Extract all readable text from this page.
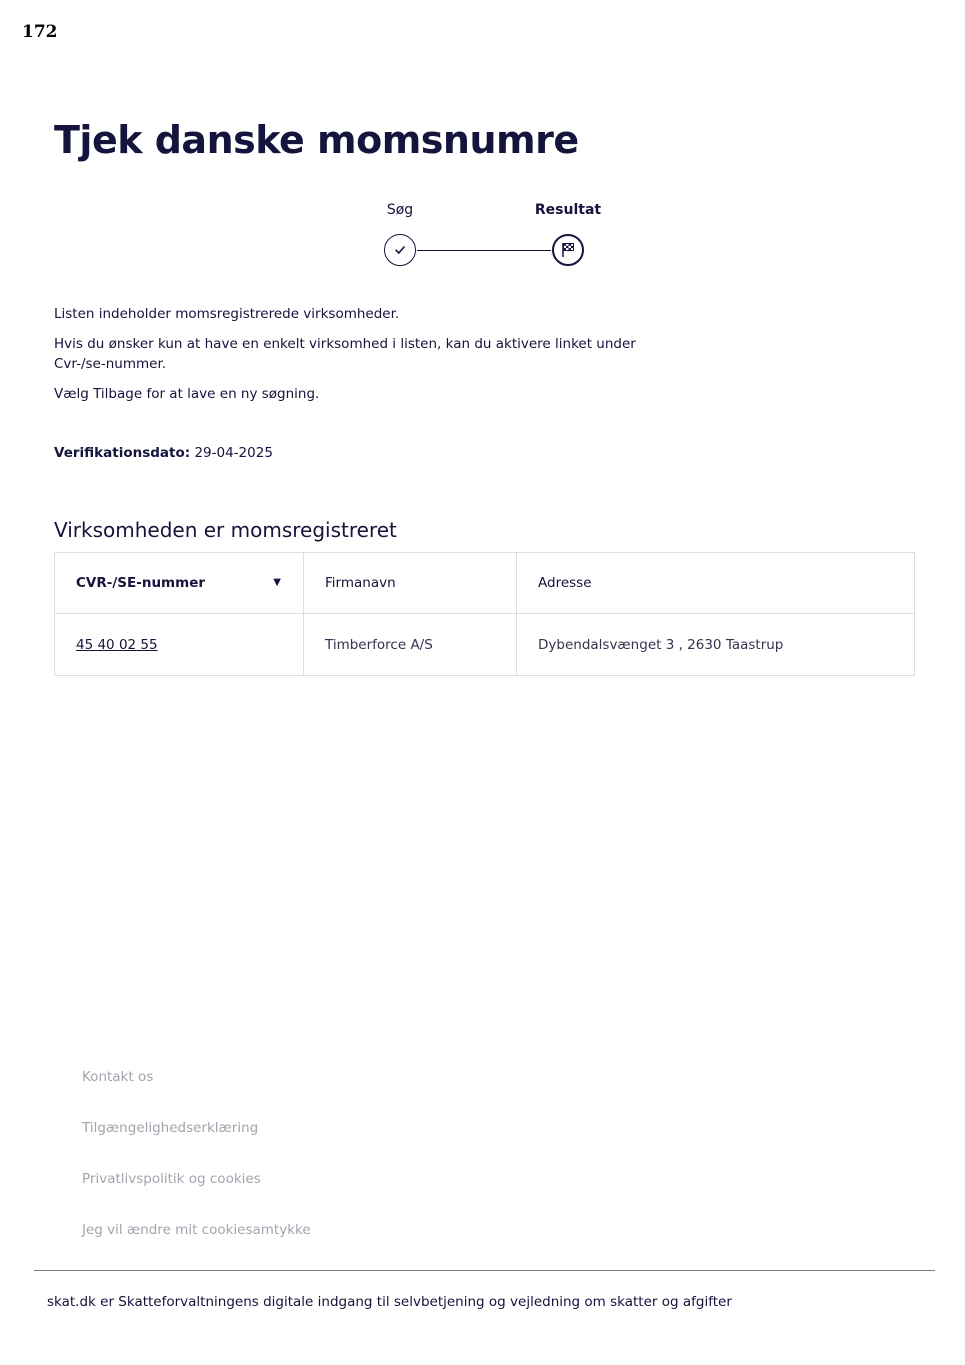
172
Tjek danske momsnumre
Søg	Resultat

Listen indeholder momsregistrerede virksomheder.

Hvis du ønsker kun at have en enkelt virksomhed i listen, kan du aktivere linket under Cvr-/se-nummer.

Vælg Tilbage for at lave en ny søgning.

Verifikationsdato: 29-04-2025
Virksomheden er momsregistreret
CVR-/SE-nummer ▼	Firmanavn	Adresse
45 40 02 55	Timberforce A/S	Dybendalsvænget 3 , 2630 Taastrup
Kontakt os
Tilgængelighedserklæring
Privatlivspolitik og cookies
Jeg vil ændre mit cookiesamtykke
skat.dk er Skatteforvaltningens digitale indgang til selvbetjening og vejledning om skatter og afgifter
